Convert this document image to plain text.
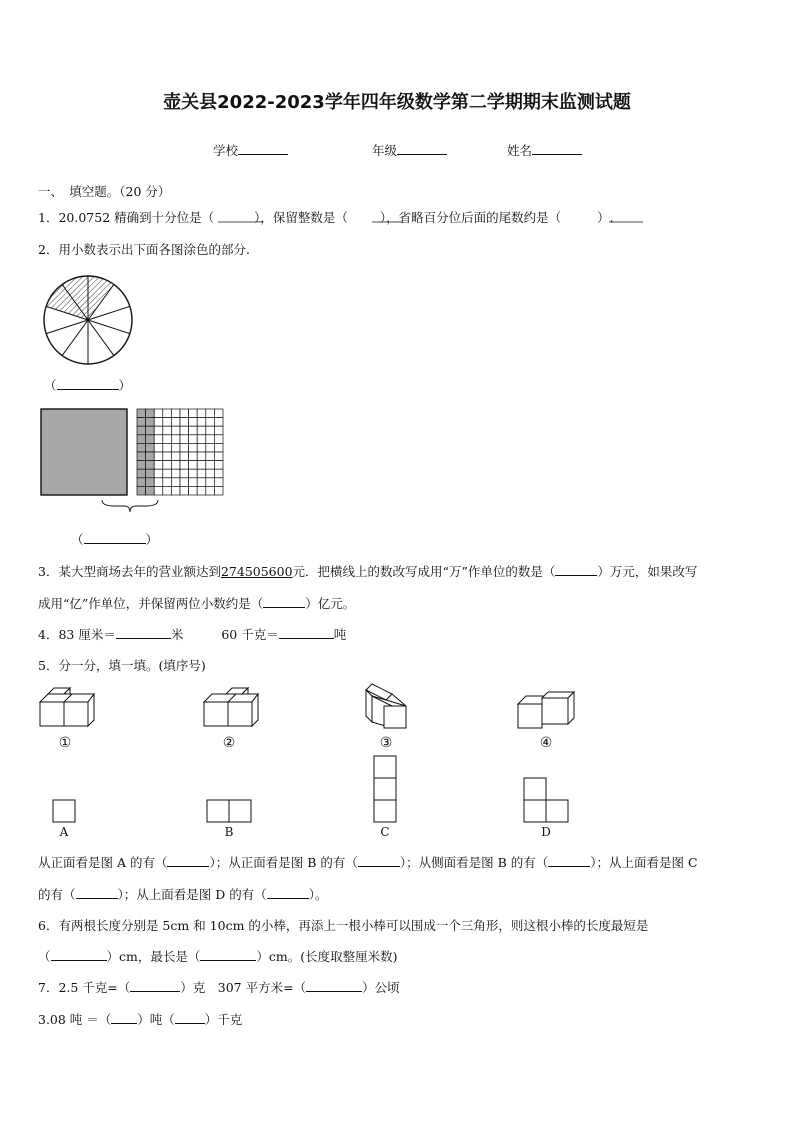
壶关县2022-2023学年四年级数学第二学期期末监测试题
学校	年级	姓名
一、　填空题。（20 分）
1．20.0752 精确到十分位是（	），保留整数是（	），省略百分位后面的尾数约是（	）.
2．用小数表示出下面各图涂色的部分.
（	）
（	）
3．某大型商场去年的营业额达到274505600元．把横线上的数改写成用“万”作单位的数是（	）万元，如果改写
成用“亿”作单位，并保留两位小数约是（	）亿元。
4．83 厘米＝	米	60 千克＝	吨
5．分一分，填一填。(填序号)
①	②	③	④
A	B	C	D
从正面看是图 A 的有（	）；从正面看是图 B 的有（	）；从侧面看是图 B 的有（	）；从上面看是图 C
的有（	）；从上面看是图 D 的有（	）。
6．有两根长度分别是 5cm 和 10cm 的小棒，再添上一根小棒可以围成一个三角形，则这根小棒的长度最短是
（	）cm，最长是（	）cm。(长度取整厘米数)
7．2.5 千克=（	）克　307 平方米=（	）公顷
3.08 吨 ＝（ ）吨（ ）千克
